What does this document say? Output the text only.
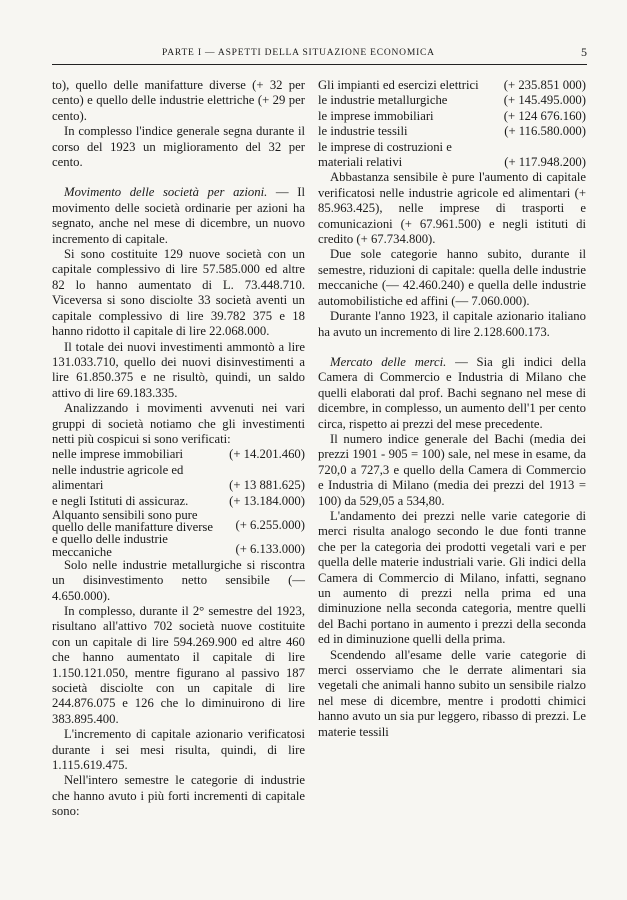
PARTE I — ASPETTI DELLA SITUAZIONE ECONOMICA	5

to), quello delle manifatture diverse (+ 32 per cento) e quello delle industrie elettriche (+ 29 per cento).

In complesso l'indice generale segna durante il corso del 1923 un miglioramento del 32 per cento.

Movimento delle società per azioni. — Il movimento delle società ordinarie per azioni ha segnato, anche nel mese di dicembre, un nuovo incremento di capitale.

Si sono costituite 129 nuove società con un capitale complessivo di lire 57.585.000 ed altre 82 lo hanno aumentato di L. 73.448.710. Viceversa si sono disciolte 33 società aventi un capitale complessivo di lire 39.782 375 e 18 hanno ridotto il capitale di lire 22.068.000.

Il totale dei nuovi investimenti ammontò a lire 131.033.710, quello dei nuovi disinvestimenti a lire 61.850.375 e ne risultò, quindi, un saldo attivo di lire 69.183.335.

Analizzando i movimenti avvenuti nei vari gruppi di società notiamo che gli investimenti netti più cospicui si sono verificati:

nelle imprese immobiliari	(+ 14.201.460)
nelle industrie agricole ed alimentari	(+ 13 881.625)
e negli Istituti di assicuraz.	(+ 13.184.000)
Alquanto sensibili sono pure quello delle manifatture diverse	(+ 6.255.000)
e quello delle industrie meccaniche	(+ 6.133.000)

Solo nelle industrie metallurgiche si riscontra un disinvestimento netto sensibile (— 4.650.000).

In complesso, durante il 2° semestre del 1923, risultano all'attivo 702 società nuove costituite con un capitale di lire 594.269.900 ed altre 460 che hanno aumentato il capitale di lire 1.150.121.050, mentre figurano al passivo 187 società disciolte con un capitale di lire 244.876.075 e 126 che lo diminuirono di lire 383.895.400.

L'incremento di capitale azionario verificatosi durante i sei mesi risulta, quindi, di lire 1.115.619.475.

Nell'intero semestre le categorie di industrie che hanno avuto i più forti incrementi di capitale sono:

Gli impianti ed esercizi elettrici	(+ 235.851 000)
le industrie metallurgiche	(+ 145.495.000)
le imprese immobiliari	(+ 124 676.160)
le industrie tessili	(+ 116.580.000)
le imprese di costruzioni e materiali relativi	(+ 117.948.200)

Abbastanza sensibile è pure l'aumento di capitale verificatosi nelle industrie agricole ed alimentari (+ 85.963.425), nelle imprese di trasporti e comunicazioni (+ 67.961.500) e negli istituti di credito (+ 67.734.800).

Due sole categorie hanno subito, durante il semestre, riduzioni di capitale: quella delle industrie meccaniche (— 42.460.240) e quella delle industrie automobilistiche ed affini (— 7.060.000).

Durante l'anno 1923, il capitale azionario italiano ha avuto un incremento di lire 2.128.600.173.

Mercato delle merci. — Sia gli indici della Camera di Commercio e Industria di Milano che quelli elaborati dal prof. Bachi segnano nel mese di dicembre, in complesso, un aumento dell'1 per cento circa, rispetto ai prezzi del mese precedente.

Il numero indice generale del Bachi (media dei prezzi 1901 - 905 = 100) sale, nel mese in esame, da 720,0 a 727,3 e quello della Camera di Commercio e Industria di Milano (media dei prezzi del 1913 = 100) da 529,05 a 534,80.

L'andamento dei prezzi nelle varie categorie di merci risulta analogo secondo le due fonti tranne che per la categoria dei prodotti vegetali vari e per quella delle materie industriali varie. Gli indici della Camera di Commercio di Milano, infatti, segnano un aumento di prezzi nella prima ed una diminuzione nella seconda categoria, mentre quelli del Bachi portano in aumento i prezzi della seconda ed in diminuzione quelli della prima.

Scendendo all'esame delle varie categorie di merci osserviamo che le derrate alimentari sia vegetali che animali hanno subito un sensibile rialzo nel mese di dicembre, mentre i prodotti chimici hanno avuto un sia pur leggero, ribasso di prezzi. Le materie tessili
